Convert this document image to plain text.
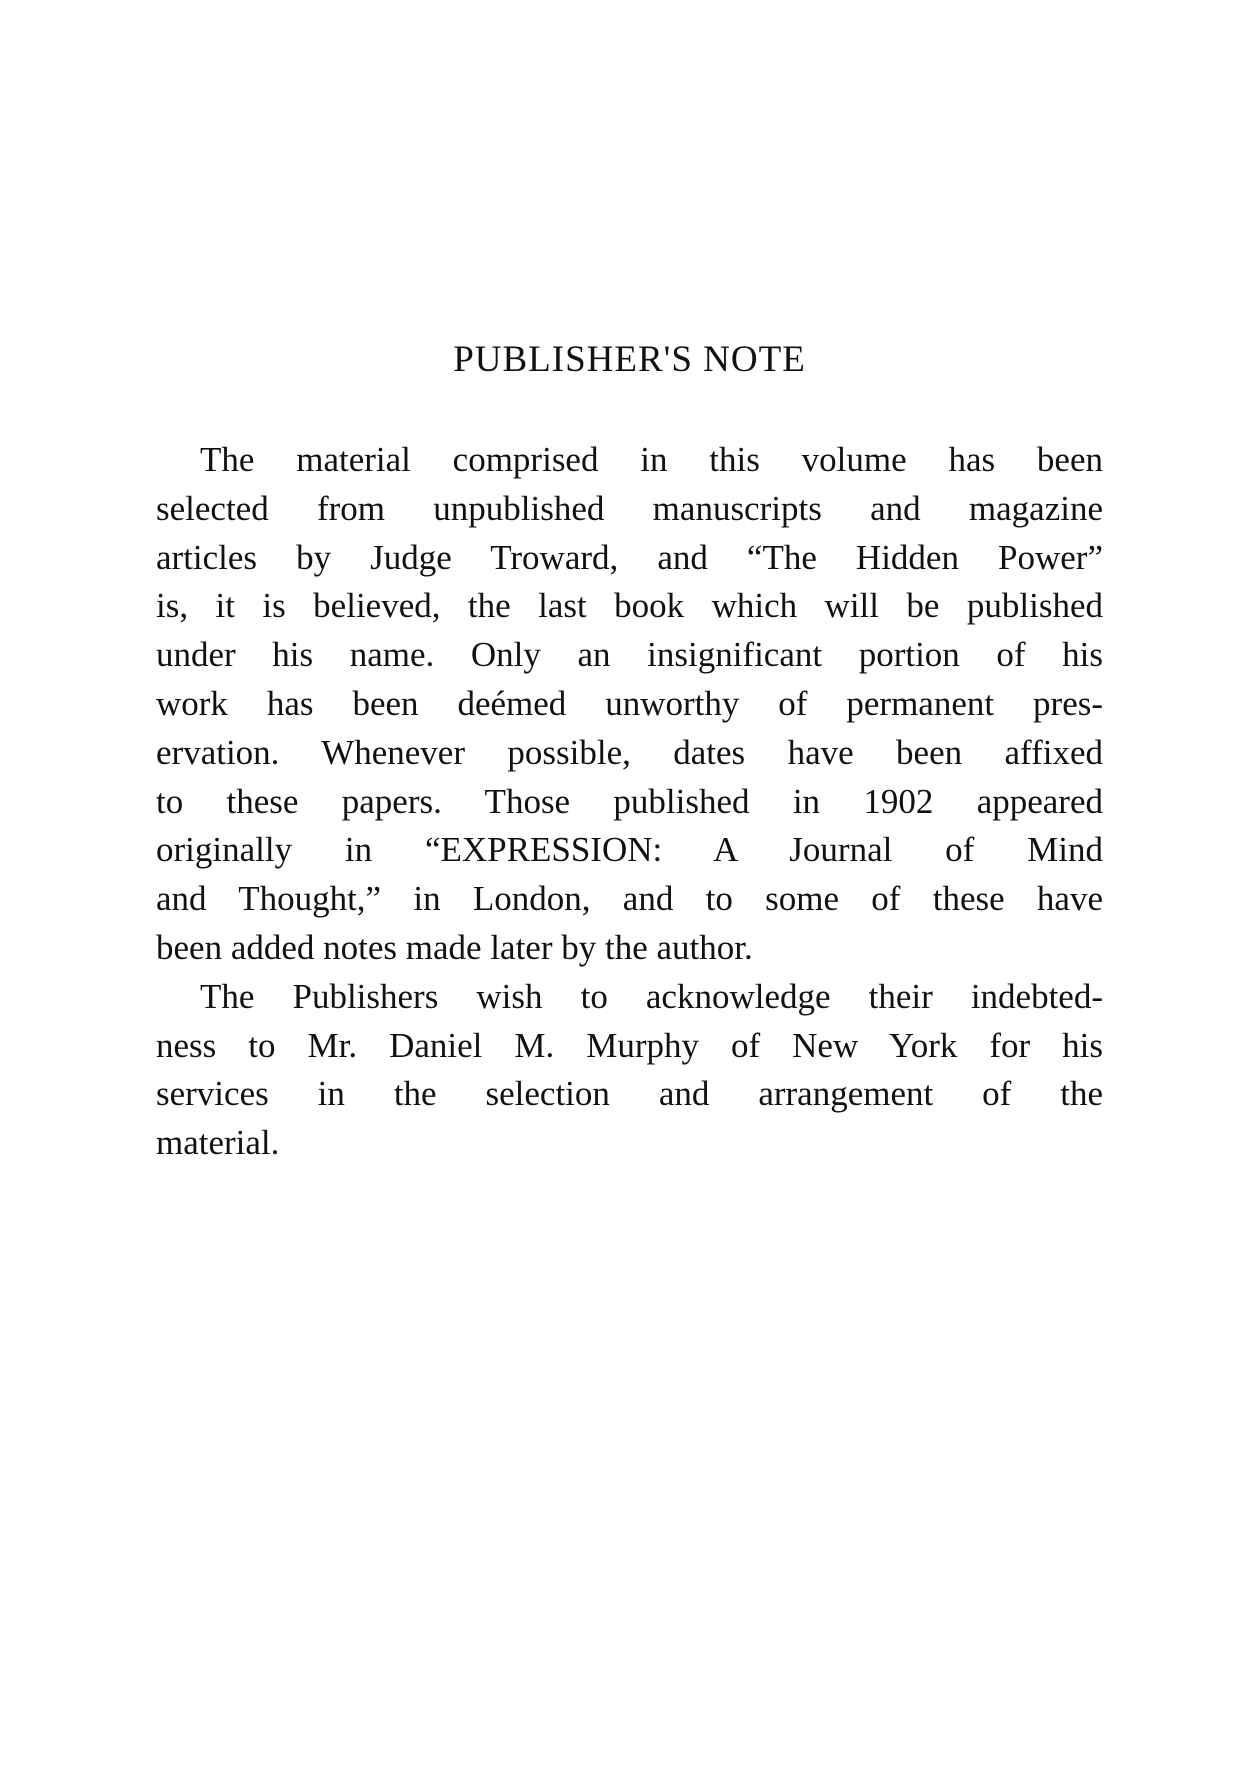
PUBLISHER'S NOTE
The material comprised in this volume has been
selected from unpublished manuscripts and magazine
articles by Judge Troward, and “The Hidden Power”
is, it is believed, the last book which will be published
under his name. Only an insignificant portion of his
work has been deémed unworthy of permanent pres-
ervation. Whenever possible, dates have been affixed
to these papers. Those published in 1902 appeared
originally in “EXPRESSION: A Journal of Mind
and Thought,” in London, and to some of these have
been added notes made later by the author.
The Publishers wish to acknowledge their indebted-
ness to Mr. Daniel M. Murphy of New York for his
services in the selection and arrangement of the
material.
